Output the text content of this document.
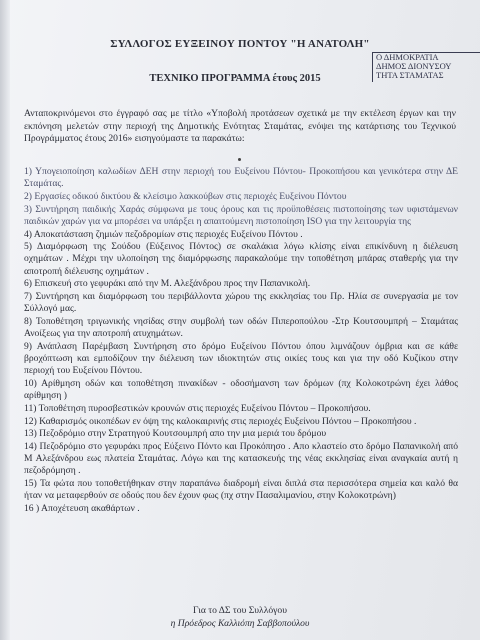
ΣΥΛΛΟΓΟΣ ΕΥΞΕΙΝΟΥ ΠΟΝΤΟΥ "Η ΑΝΑΤΟΛΗ"
Ο ΔΗΜΟΚΡΑΤΙΑ
ΔΗΜΟΣ ΔΙΟΝΥΣΟΥ
ΤΗΤΑ ΣΤΑΜΑΤΑΣ
ΤΕΧΝΙΚΟ ΠΡΟΓΡΑΜΜΑ έτους 2015
Ανταποκρινόμενοι στο έγγραφό σας με τίτλο «Υποβολή προτάσεων σχετικά με την εκτέλεση έργων και την εκπόνηση μελετών στην περιοχή της Δημοτικής Ενότητας Σταμάτας, ενόψει της κατάρτισης του Τεχνικού Προγράμματος έτους 2016» εισηγούμαστε τα παρακάτω:
1) Υπογειοποίηση καλωδίων ΔΕΗ στην περιοχή του Ευξείνου Πόντου- Προκοπήσου και γενικότερα στην ΔΕ Σταμάτας.
2) Εργασίες οδικού δικτύου & κλείσιμο λακκούβων στις περιοχές Ευξείνου Πόντου
3) Συντήρηση παιδικής Χαράς σύμφωνα με τους όρους και τις προϋποθέσεις πιστοποίησης των υφιστάμενων παιδικών χαρών για να μπορέσει να υπάρξει η απαιτούμενη πιστοποίηση ISO για την λειτουργία της
4) Αποκατάσταση ζημιών πεζοδρομίων στις περιοχές Ευξείνου Πόντου .
5) Διαμόρφωση της Σούδου (Εύξεινος Πόντος) σε σκαλάκια λόγω κλίσης είναι επικίνδυνη η διέλευση οχημάτων . Μέχρι την υλοποίηση της διαμόρφωσης παρακαλούμε την τοποθέτηση μπάρας σταθερής για την αποτροπή διέλευσης οχημάτων .
6) Επισκευή στο γεφυράκι από την Μ. Αλεξάνδρου προς την Παπανικολή.
7) Συντήρηση και διαμόρφωση του περιβάλλοντα χώρου της εκκλησίας του Πρ. Ηλία σε συνεργασία με τον Σύλλογό μας.
8) Τοποθέτηση τριγωνικής νησίδας στην συμβολή των οδών Πιπεροπούλου -Στρ Κουτσουμπρή – Σταμάτας Ανοίξεως για την αποτροπή ατυχημάτων.
9) Ανάπλαση Παρέμβαση Συντήρηση στο δρόμο Ευξείνου Πόντου όπου λιμνάζουν όμβρια και σε κάθε βροχόπτωση και εμποδίζουν την διέλευση των ιδιοκτητών στις οικίες τους και για την οδό Κυζίκου στην περιοχή του Ευξείνου Πόντου.
10) Αρίθμηση οδών και τοποθέτηση πινακίδων - οδοσήμανση των δρόμων (πχ Κολοκοτρώνη έχει λάθος αρίθμηση )
11) Τοποθέτηση πυροσβεστικών κρουνών στις περιοχές Ευξείνου Πόντου – Προκοπήσου.
12) Καθαρισμός οικοπέδων εν όψη της καλοκαιρινής στις περιοχές Ευξείνου Πόντου – Προκοπήσου .
13) Πεζοδρόμιο στην Στρατηγού Κουτσουμπρή απο την μια μεριά του δρόμου
14) Πεζοδρόμιο στο γεφυράκι προς Εύξεινο Πόντο και Προκόπησο . Απο κλαστείο στο δρόμο Παπανικολή από Μ Αλεξάνδρου εως πλατεία Σταμάτας. Λόγω και της κατασκευής της νέας εκκλησίας είναι αναγκαία αυτή η πεζοδρόμηση .
15) Τα φώτα που τοποθετήθηκαν στην παραπάνω διαδρομή είναι διπλά στα περισσότερα σημεία και καλό θα ήταν να μεταφερθούν σε οδούς που δεν έχουν φως (πχ στην Πασαλιμανίου, στην Κολοκοτρώνη)
16 ) Αποχέτευση ακαθάρτων .
Για το ΔΣ του Συλλόγου
η Πρόεδρος Καλλιόπη Σαββοπούλου
